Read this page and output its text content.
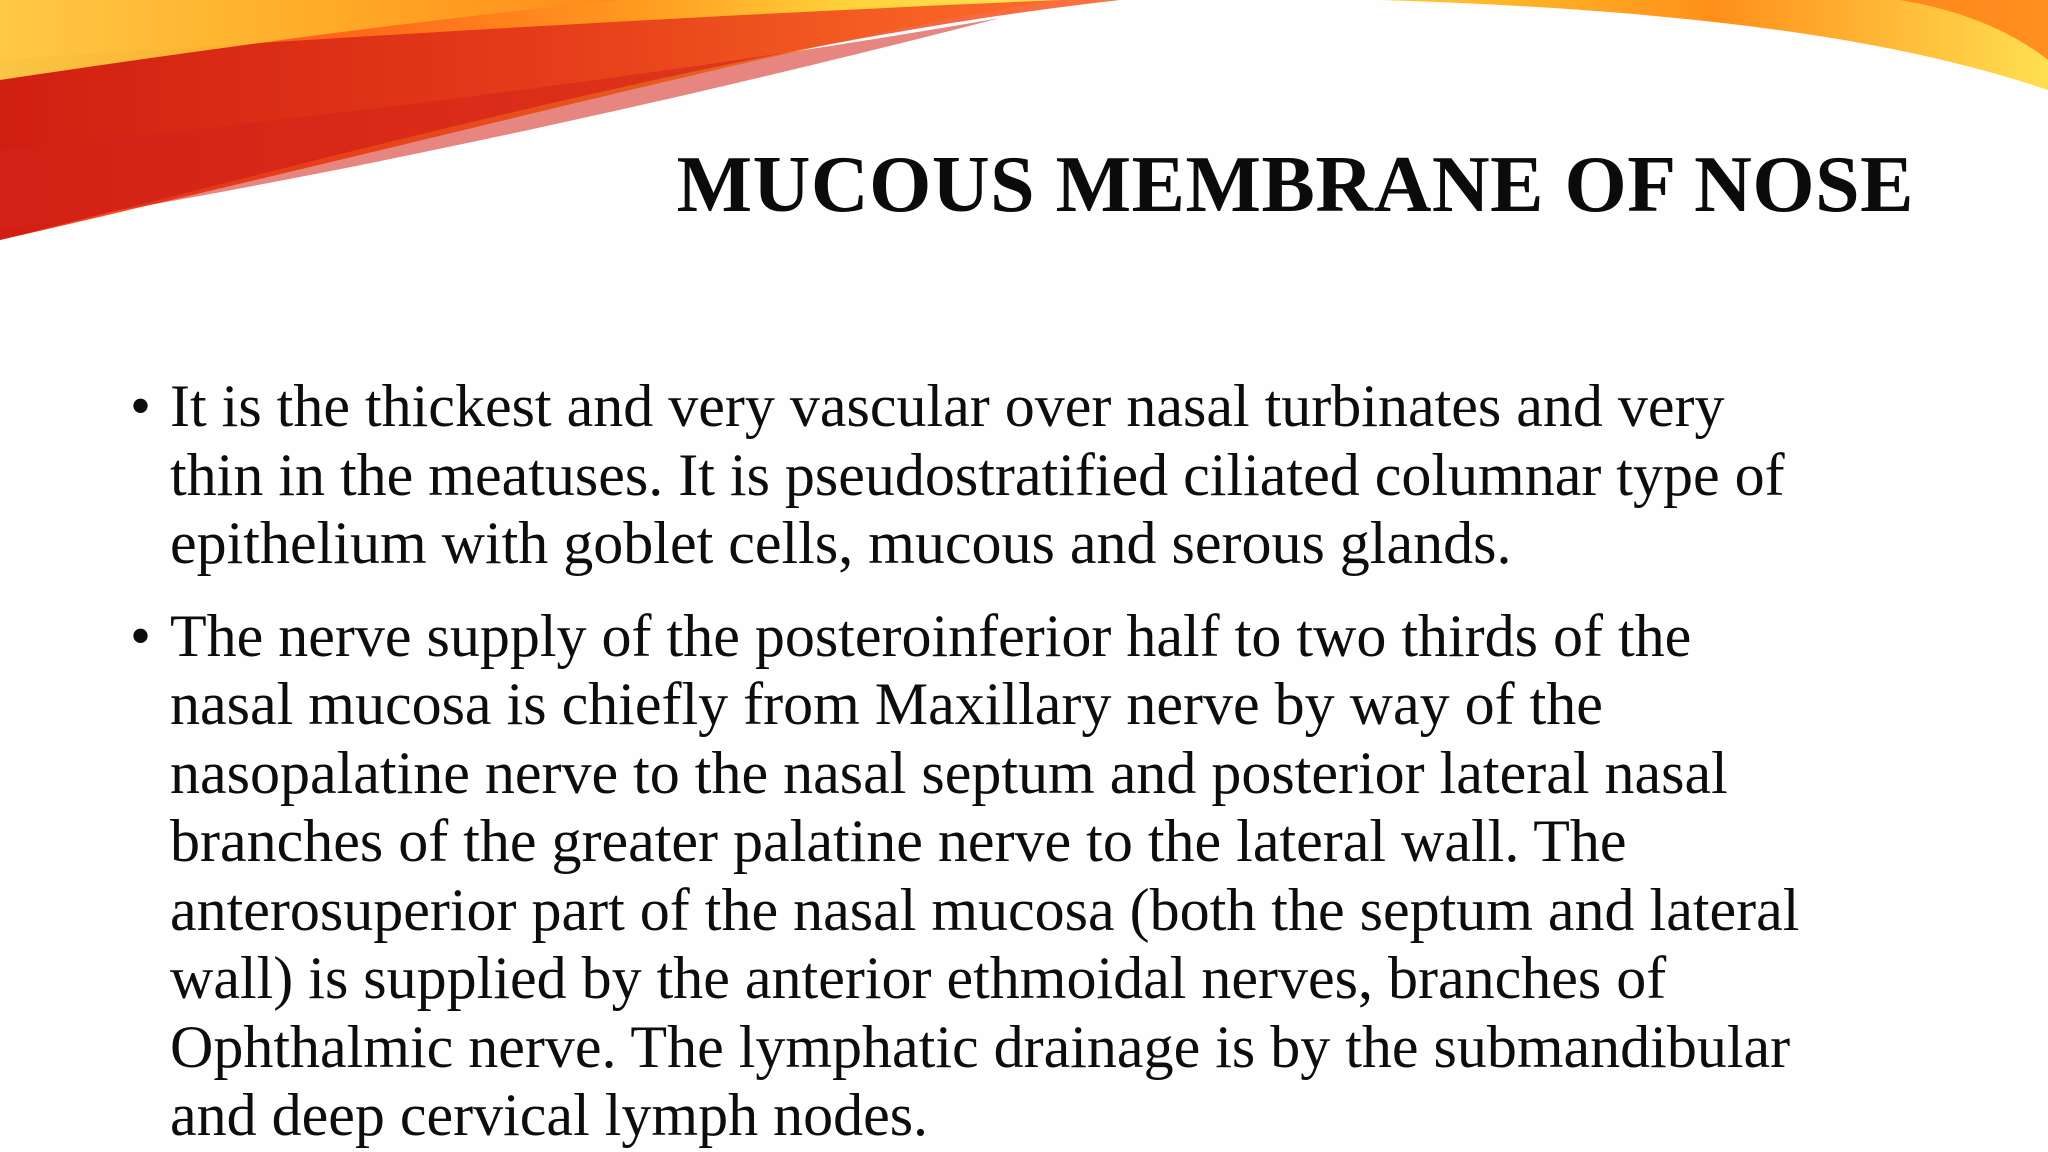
MUCOUS MEMBRANE OF NOSE
• It is the thickest and very vascular over nasal turbinates and very
thin in the meatuses. It is pseudostratified ciliated columnar type of
epithelium with goblet cells, mucous and serous glands.
• The nerve supply of the posteroinferior half to two thirds of the
nasal mucosa is chiefly from Maxillary nerve by way of the
nasopalatine nerve to the nasal septum and posterior lateral nasal
branches of the greater palatine nerve to the lateral wall. The
anterosuperior part of the nasal mucosa (both the septum and lateral
wall) is supplied by the anterior ethmoidal nerves, branches of
Ophthalmic nerve. The lymphatic drainage is by the submandibular
and deep cervical lymph nodes.
